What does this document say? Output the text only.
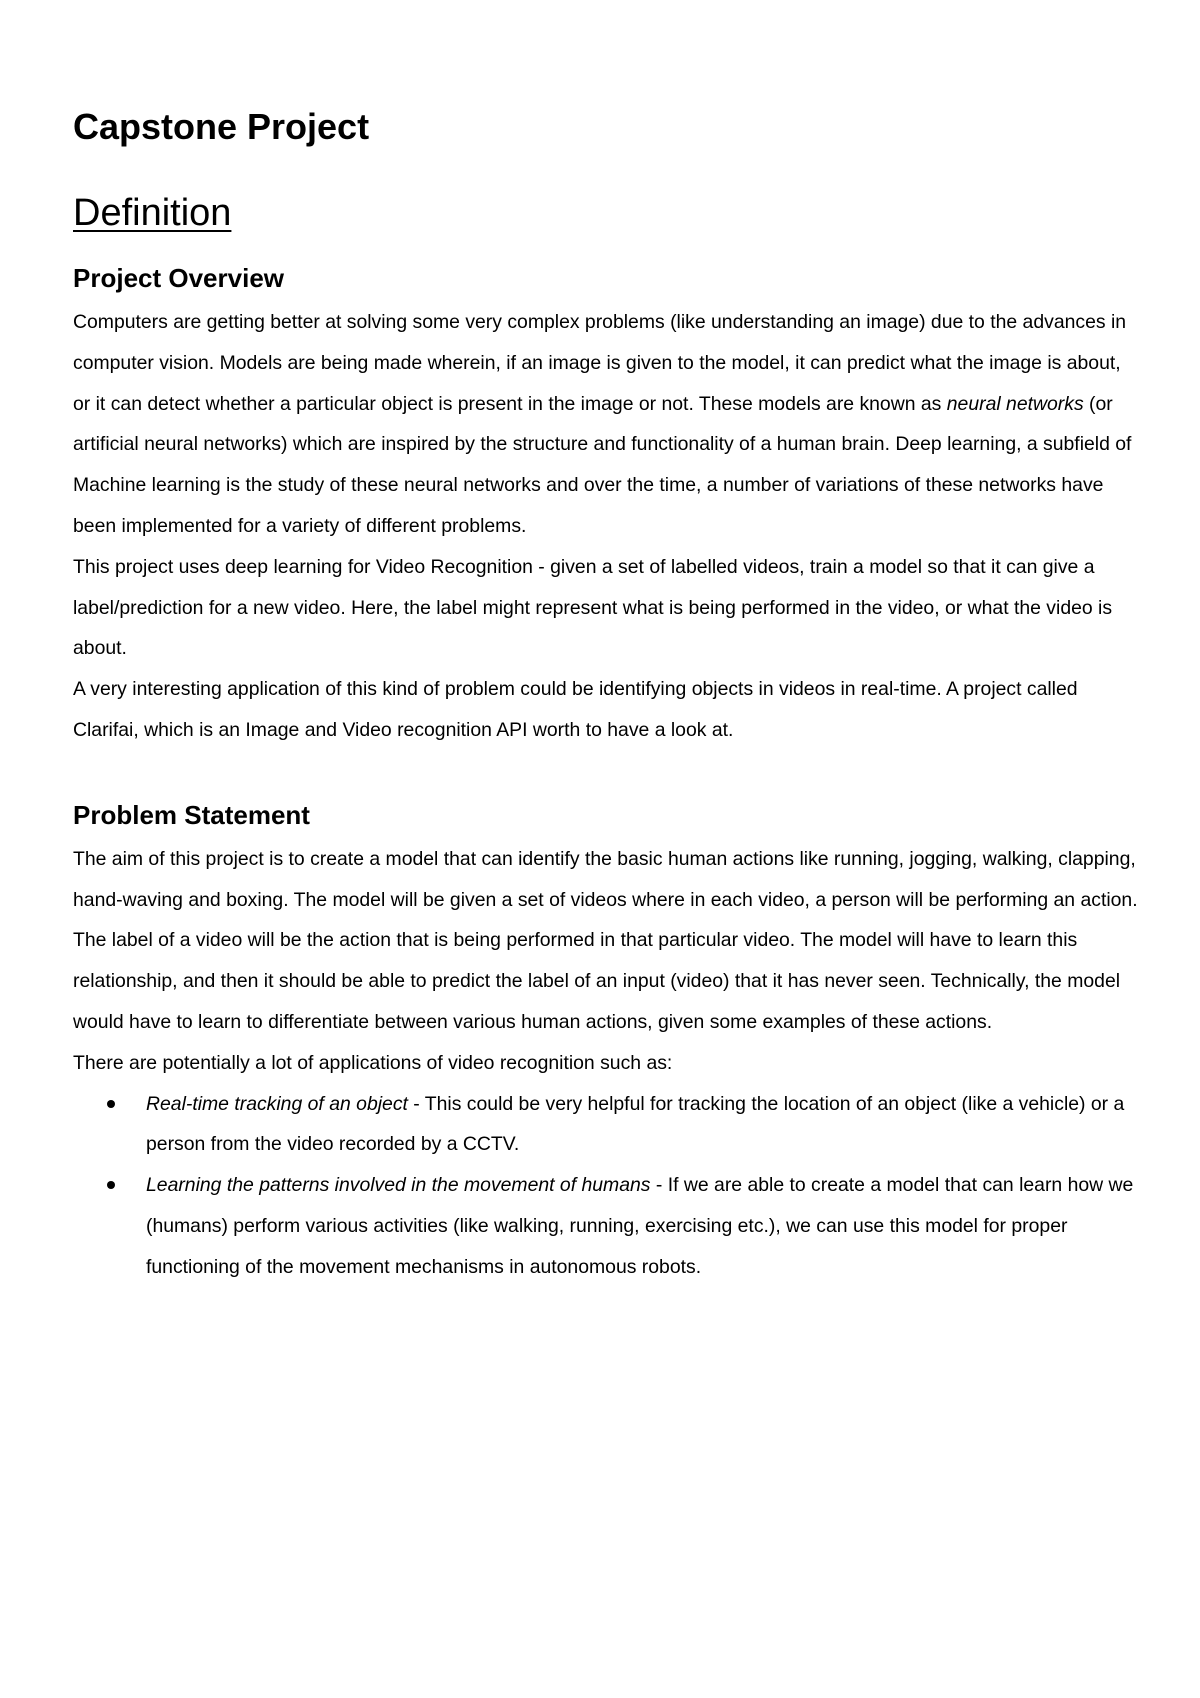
Capstone Project
Definition
Project Overview

Computers are getting better at solving some very complex problems (like understanding an image) due to the advances in computer vision. Models are being made wherein, if an image is given to the model, it can predict what the image is about, or it can detect whether a particular object is present in the image or not. These models are known as neural networks (or artificial neural networks) which are inspired by the structure and functionality of a human brain. Deep learning, a subfield of Machine learning is the study of these neural networks and over the time, a number of variations of these networks have been implemented for a variety of different problems.

This project uses deep learning for Video Recognition - given a set of labelled videos, train a model so that it can give a label/prediction for a new video. Here, the label might represent what is being performed in the video, or what the video is about.

A very interesting application of this kind of problem could be identifying objects in videos in real-time. A project called Clarifai, which is an Image and Video recognition API worth to have a look at.

Problem Statement

The aim of this project is to create a model that can identify the basic human actions like running, jogging, walking, clapping, hand-waving and boxing. The model will be given a set of videos where in each video, a person will be performing an action. The label of a video will be the action that is being performed in that particular video. The model will have to learn this relationship, and then it should be able to predict the label of an input (video) that it has never seen. Technically, the model would have to learn to differentiate between various human actions, given some examples of these actions.

There are potentially a lot of applications of video recognition such as:

Real-time tracking of an object - This could be very helpful for tracking the location of an object (like a vehicle) or a person from the video recorded by a CCTV.
Learning the patterns involved in the movement of humans - If we are able to create a model that can learn how we (humans) perform various activities (like walking, running, exercising etc.), we can use this model for proper functioning of the movement mechanisms in autonomous robots.
